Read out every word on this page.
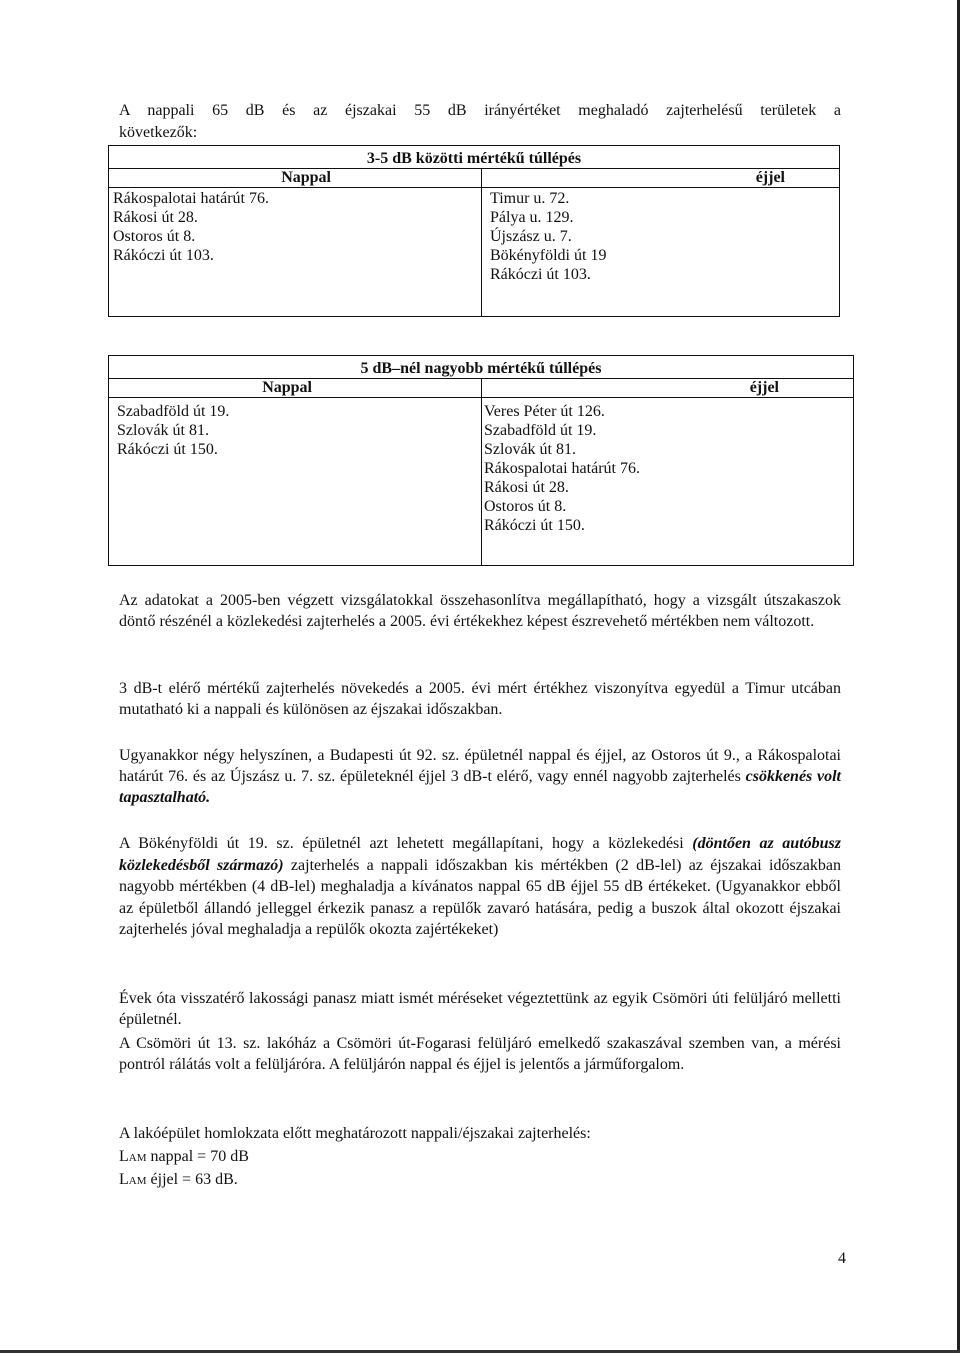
A nappali 65 dB és az éjszakai 55 dB irányértéket meghaladó zajterhelésű területek a

következők:

3-5 dB közötti mértékű túllépés
Nappal	éjjel
Rákospalotai határút 76.
Rákosi út 28.
Ostoros út 8.
Rákóczi út 103.
Timur u. 72.
Pálya u. 129.
Újszász u. 7.
Bökényföldi út 19
Rákóczi út 103.
5 dB–nél nagyobb mértékű túllépés
Nappal	éjjel
Szabadföld út 19.
Szlovák út 81.
Rákóczi út 150.
Veres Péter út 126.
Szabadföld út 19.
Szlovák út 81.
Rákospalotai határút 76.
Rákosi út 28.
Ostoros út 8.
Rákóczi út 150.

Az adatokat a 2005-ben végzett vizsgálatokkal összehasonlítva megállapítható, hogy a vizsgált útszakaszok döntő részénél a közlekedési zajterhelés a 2005. évi értékekhez képest észrevehető mértékben nem változott.

3 dB-t elérő mértékű zajterhelés növekedés a 2005. évi mért értékhez viszonyítva egyedül a Timur utcában mutatható ki a nappali és különösen az éjszakai időszakban.

Ugyanakkor négy helyszínen, a Budapesti út 92. sz. épületnél nappal és éjjel, az Ostoros út 9., a Rákospalotai határút 76. és az Újszász u. 7. sz. épületeknél éjjel 3 dB-t elérő, vagy ennél nagyobb zajterhelés csökkenés volt tapasztalható.

A Bökényföldi út 19. sz. épületnél azt lehetett megállapítani, hogy a közlekedési (döntően az autóbusz közlekedésből származó) zajterhelés a nappali időszakban kis mértékben (2 dB-lel) az éjszakai időszakban nagyobb mértékben (4 dB-lel) meghaladja a kívánatos nappal 65 dB éjjel 55 dB értékeket. (Ugyanakkor ebből az épületből állandó jelleggel érkezik panasz a repülők zavaró hatására, pedig a buszok által okozott éjszakai zajterhelés jóval meghaladja a repülők okozta zajértékeket)

Évek óta visszatérő lakossági panasz miatt ismét méréseket végeztettünk az egyik Csömöri úti felüljáró melletti épületnél.

A Csömöri út 13. sz. lakóház a Csömöri út-Fogarasi felüljáró emelkedő szakaszával szemben van, a mérési pontról rálátás volt a felüljáróra. A felüljárón nappal és éjjel is jelentős a járműforgalom.

A lakóépület homlokzata előtt meghatározott nappali/éjszakai zajterhelés:

LAM nappal = 70 dB
LAM éjjel = 63 dB.
4
